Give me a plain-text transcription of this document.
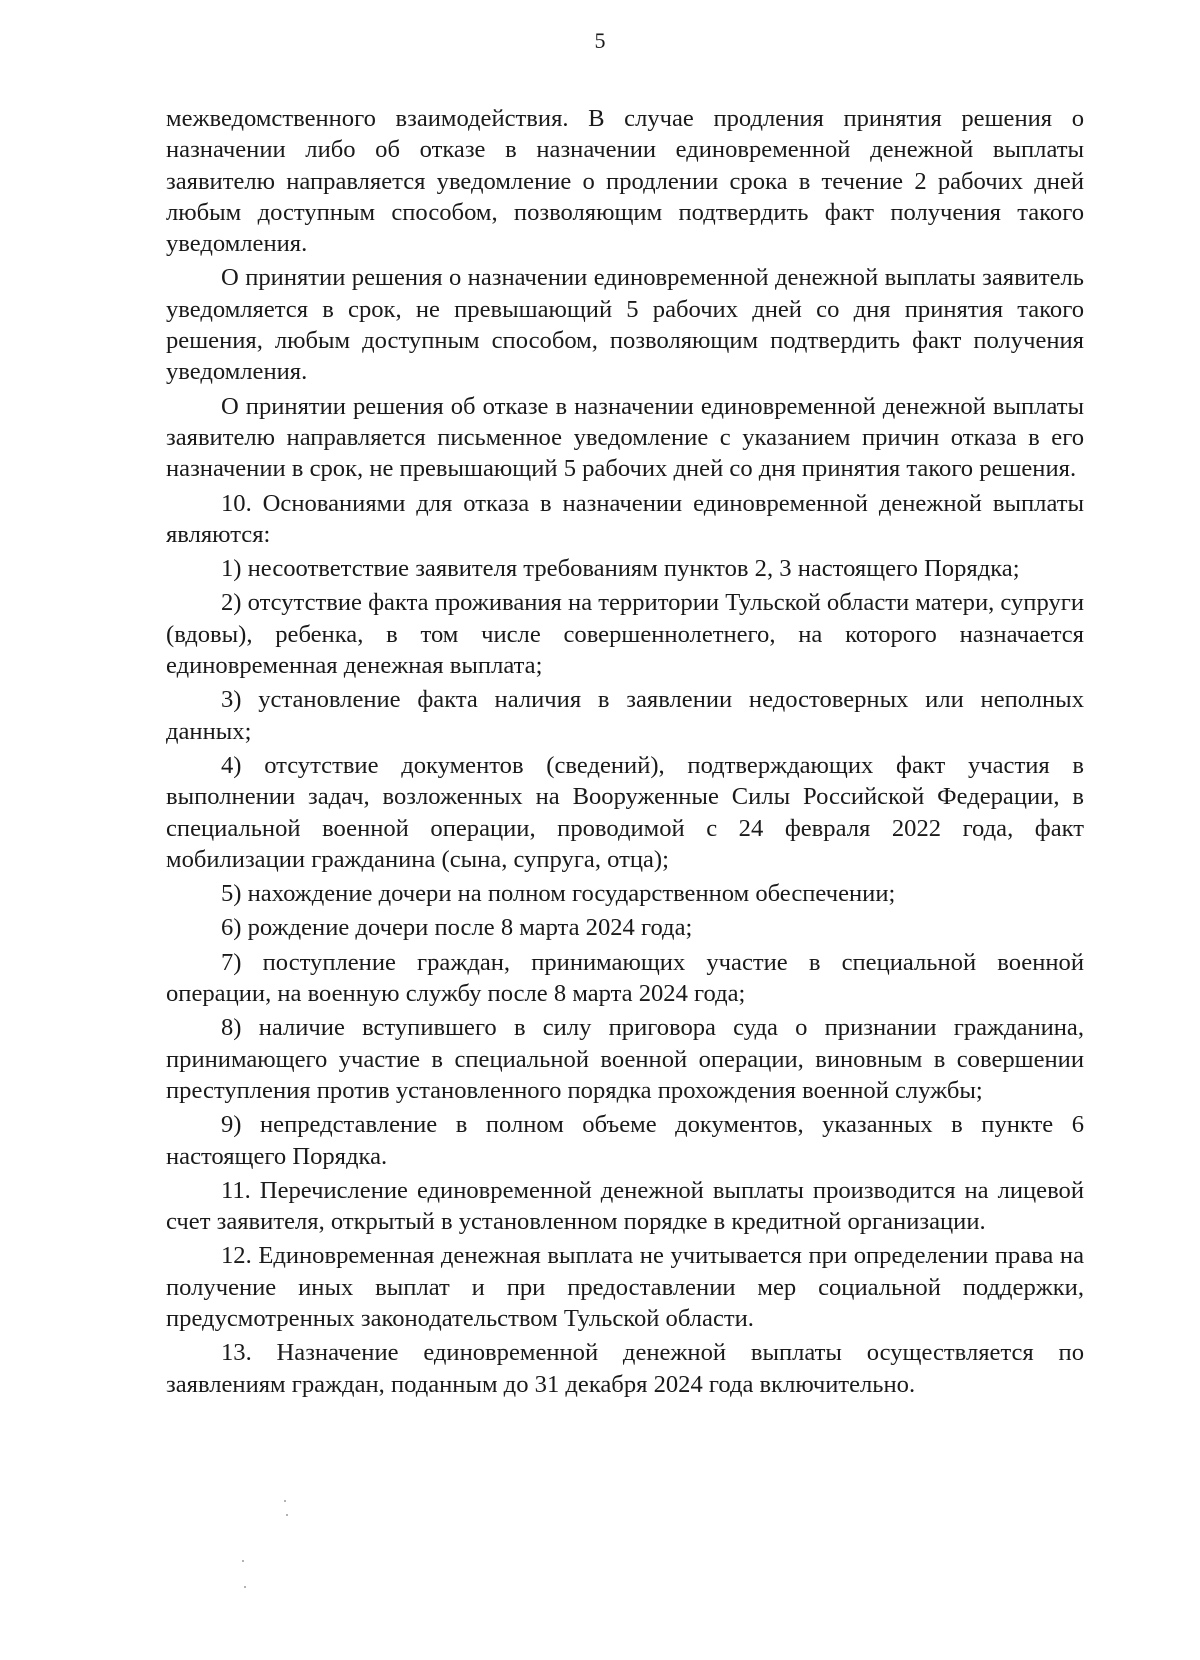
5

межведомственного взаимодействия. В случае продления принятия решения о назначении либо об отказе в назначении единовременной денежной выплаты заявителю направляется уведомление о продлении срока в течение 2 рабочих дней любым доступным способом, позволяющим подтвердить факт получения такого уведомления.

О принятии решения о назначении единовременной денежной выплаты заявитель уведомляется в срок, не превышающий 5 рабочих дней со дня принятия такого решения, любым доступным способом, позволяющим подтвердить факт получения уведомления.

О принятии решения об отказе в назначении единовременной денежной выплаты заявителю направляется письменное уведомление с указанием причин отказа в его назначении в срок, не превышающий 5 рабочих дней со дня принятия такого решения.

10. Основаниями для отказа в назначении единовременной денежной выплаты являются:

1) несоответствие заявителя требованиям пунктов 2, 3 настоящего Порядка;

2) отсутствие факта проживания на территории Тульской области матери, супруги (вдовы), ребенка, в том числе совершеннолетнего, на которого назначается единовременная денежная выплата;

3) установление факта наличия в заявлении недостоверных или неполных данных;

4) отсутствие документов (сведений), подтверждающих факт участия в выполнении задач, возложенных на Вооруженные Силы Российской Федерации, в специальной военной операции, проводимой с 24 февраля 2022 года, факт мобилизации гражданина (сына, супруга, отца);

5) нахождение дочери на полном государственном обеспечении;

6) рождение дочери после 8 марта 2024 года;

7) поступление граждан, принимающих участие в специальной военной операции, на военную службу после 8 марта 2024 года;

8) наличие вступившего в силу приговора суда о признании гражданина, принимающего участие в специальной военной операции, виновным в совершении преступления против установленного порядка прохождения военной службы;

9) непредставление в полном объеме документов, указанных в пункте 6 настоящего Порядка.

11. Перечисление единовременной денежной выплаты производится на лицевой счет заявителя, открытый в установленном порядке в кредитной организации.

12. Единовременная денежная выплата не учитывается при определении права на получение иных выплат и при предоставлении мер социальной поддержки, предусмотренных законодательством Тульской области.

13. Назначение единовременной денежной выплаты осуществляется по заявлениям граждан, поданным до 31 декабря 2024 года включительно.
